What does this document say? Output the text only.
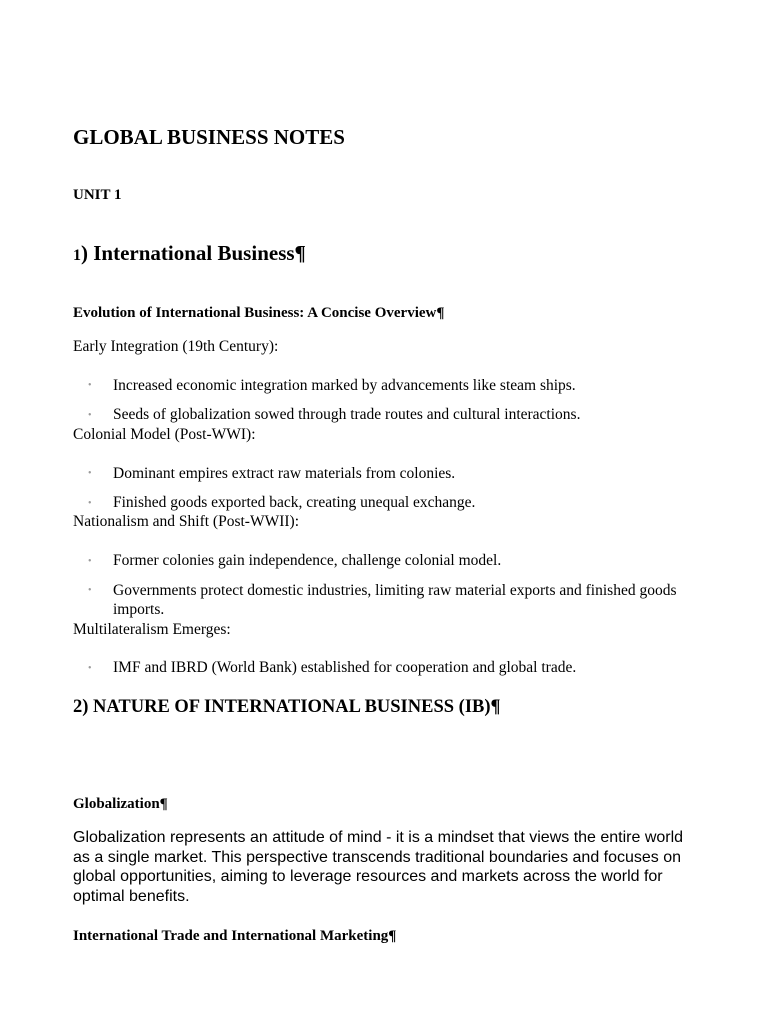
GLOBAL BUSINESS NOTES
UNIT 1
1) International Business¶
Evolution of International Business: A Concise Overview¶
Early Integration (19th Century):
• Increased economic integration marked by advancements like steam ships.
• Seeds of globalization sowed through trade routes and cultural interactions.
Colonial Model (Post-WWI):
• Dominant empires extract raw materials from colonies.
• Finished goods exported back, creating unequal exchange.
Nationalism and Shift (Post-WWII):
• Former colonies gain independence, challenge colonial model.
• Governments protect domestic industries, limiting raw material exports and finished goods imports.
Multilateralism Emerges:
• IMF and IBRD (World Bank) established for cooperation and global trade.
2) NATURE OF INTERNATIONAL BUSINESS (IB)¶
Globalization¶
Globalization represents an attitude of mind - it is a mindset that views the entire world as a single market. This perspective transcends traditional boundaries and focuses on global opportunities, aiming to leverage resources and markets across the world for optimal benefits.
International Trade and International Marketing¶
